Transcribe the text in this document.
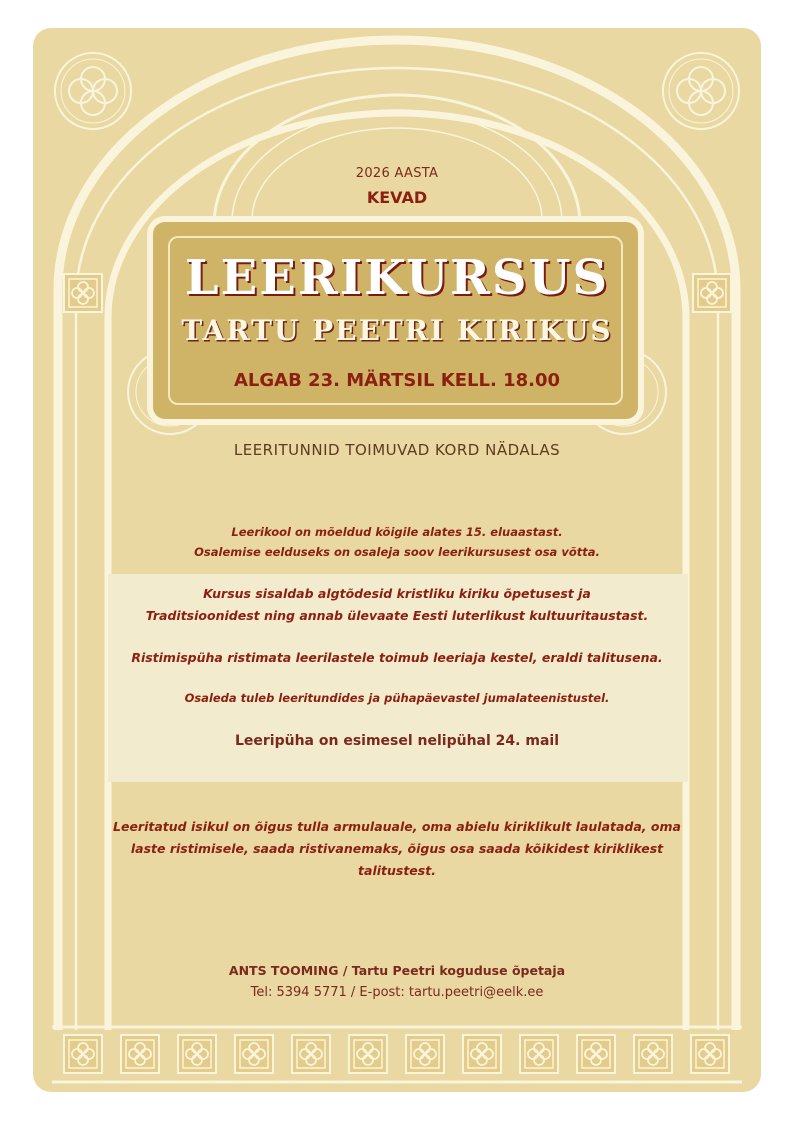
2026 AASTA
KEVAD
LEERIKURSUS
TARTU PEETRI KIRIKUS
ALGAB 23. MÄRTSIL KELL. 18.00
LEERITUNNID TOIMUVAD KORD NÄDALAS
Leerikool on mõeldud kõigile alates 15. eluaastast.
Osalemise eelduseks on osaleja soov leerikursusest osa võtta.
Kursus sisaldab algtõdesid kristliku kiriku õpetusest ja
Traditsioonidest ning annab ülevaate Eesti luterlikust kultuuritaustast.
Ristimispüha ristimata leerilastele toimub leeriaja kestel, eraldi talitusena.
Osaleda tuleb leeritundides ja pühapäevastel jumalateenistustel.
Leeripüha on esimesel nelipühal 24. mail
Leeritatud isikul on õigus tulla armulauale, oma abielu kiriklikult laulatada, oma
laste ristimisele, saada ristivanemaks, õigus osa saada kõikidest kiriklikest
talitustest.
ANTS TOOMING / Tartu Peetri koguduse õpetaja
Tel: 5394 5771 / E-post: tartu.peetri@eelk.ee
